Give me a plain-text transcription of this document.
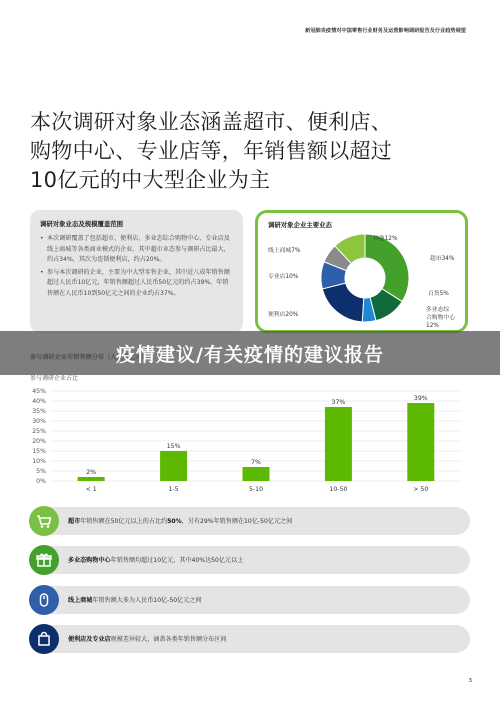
新冠肺炎疫情对中国零售行业财务及运营影响调研报告及行业趋势展望
本次调研对象业态涵盖超市、便利店、
购物中心、专业店等，年销售额以超过
10亿元的中大型企业为主
调研对象业态及规模覆盖范围
• 本次调研覆盖了包括超市、便利店、多业态综合购物中心、专业店及线上商城等各类商业模式的企业。其中超市业态参与调研占比最大，约占34%，其次为连锁便利店，约占20%。
• 参与本次调研的企业，主要为中大型零售企业，其中近八成年销售额超过人民币10亿元，年销售额超过人民币50亿元的约占39%，年销售额在人民币10到50亿元之间的企业约占37%。
调研对象企业主要业态
其他12%
超市34%
线上商城7%
专业店10%
百货5%
多业态综
合购物中心
12%
便利店20%
参与调研企业占比
0%
5%
10%
15%
20%
25%
30%
35%
40%
45%
2%
< 1
15%
1-5
7%
5-10
37%
10-50
39%
> 50
疫情建议/有关疫情的建议报告
超市年销售额在50亿元以上的占比约50%，另有29%年销售额在10亿-50亿元之间
多业态购物中心年销售额均超过10亿元，其中40%达50亿元以上
线上商城年销售额大多为人民币10亿-50亿元之间
便利店及专业店规模差异较大，涵盖各类年销售额分布区间
3
